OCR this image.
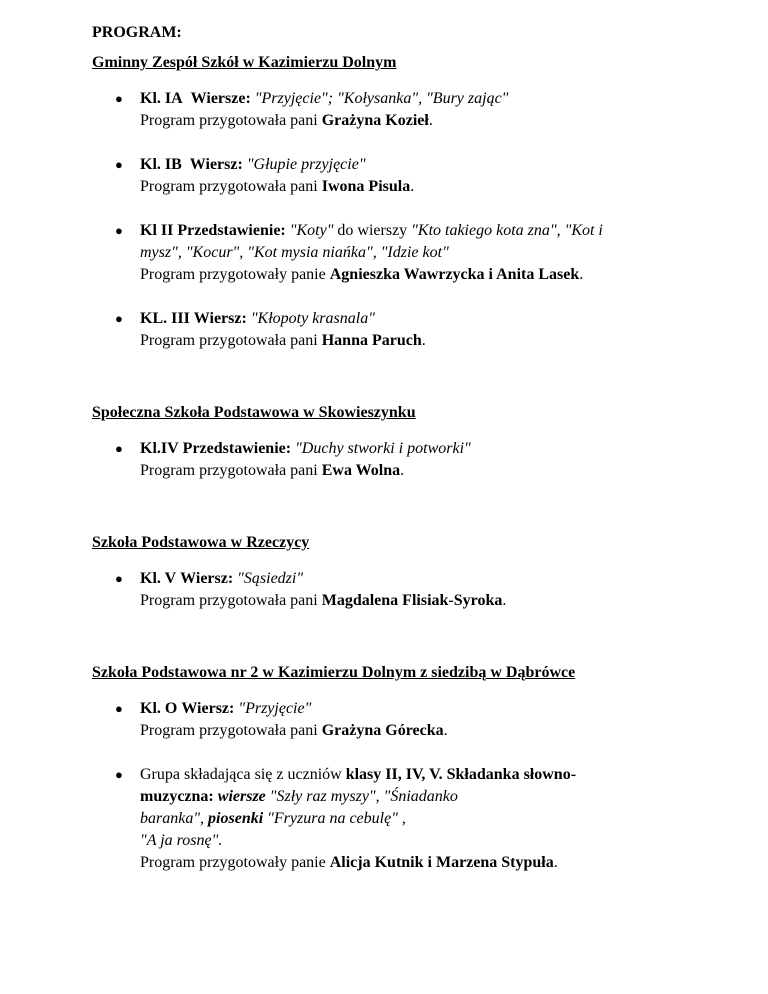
PROGRAM:

Gminny Zespół Szkół w Kazimierzu Dolnym

● Kl. IA Wiersze: "Przyjęcie"; "Kołysanka", "Bury zając"
Program przygotowała pani Grażyna Kozieł.
● Kl. IB Wiersz: "Głupie przyjęcie"
Program przygotowała pani Iwona Pisula.
● Kl II Przedstawienie: "Koty" do wierszy "Kto takiego kota zna", "Kot i
mysz", "Kocur", "Kot mysia niańka", "Idzie kot"
Program przygotowały panie Agnieszka Wawrzycka i Anita Lasek.
● KL. III Wiersz: "Kłopoty krasnala"
Program przygotowała pani Hanna Paruch.

Społeczna Szkoła Podstawowa w Skowieszynku

● Kl.IV Przedstawienie: "Duchy stworki i potworki"
Program przygotowała pani Ewa Wolna.

Szkoła Podstawowa w Rzeczycy

● Kl. V Wiersz: "Sąsiedzi"
Program przygotowała pani Magdalena Flisiak-Syroka.

Szkoła Podstawowa nr 2 w Kazimierzu Dolnym z siedzibą w Dąbrówce

● Kl. O Wiersz: "Przyjęcie"
Program przygotowała pani Grażyna Górecka.
● Grupa składająca się z uczniów klasy II, IV, V. Składanka słowno-
muzyczna: wiersze "Szły raz myszy", "Śniadanko
baranka", piosenki "Fryzura na cebulę" ,
"A ja rosnę".
Program przygotowały panie Alicja Kutnik i Marzena Stypuła.
